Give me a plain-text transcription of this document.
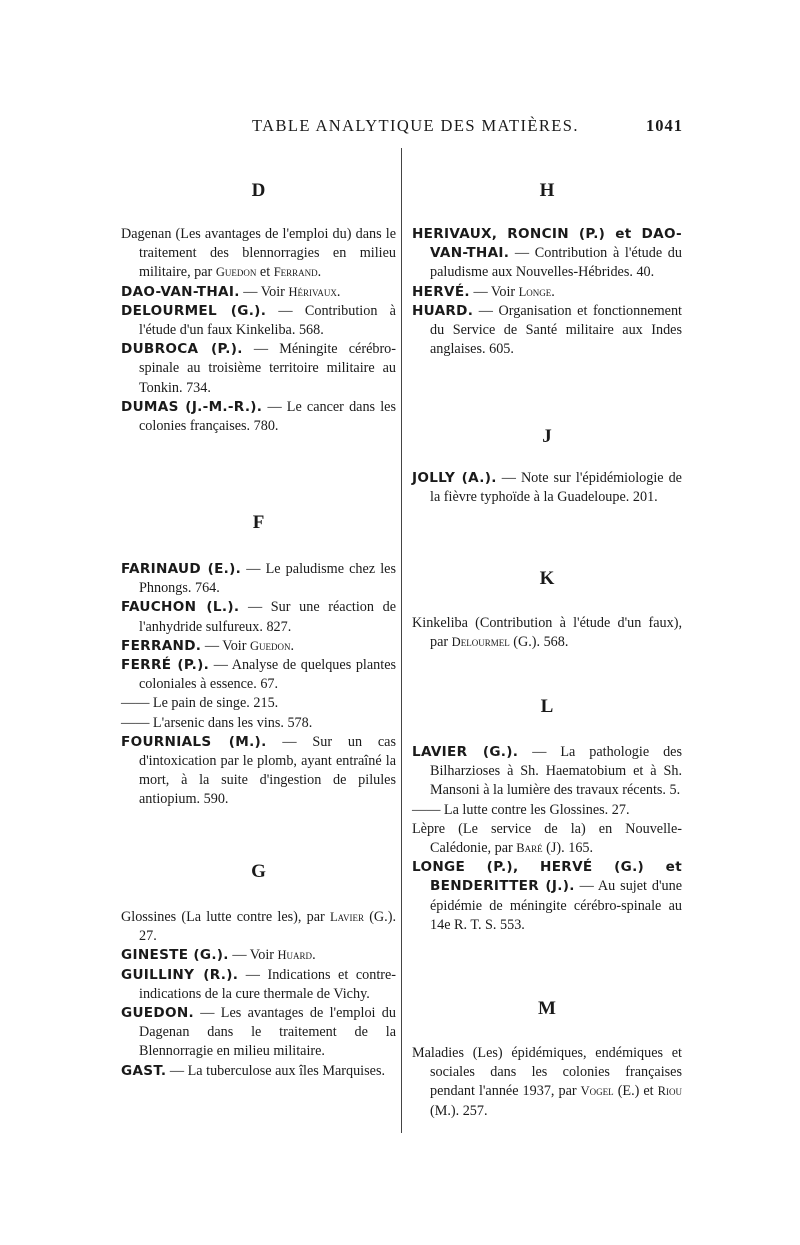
TABLE ANALYTIQUE DES MATIÈRES.	1041
D

Dagenan (Les avantages de l'emploi du) dans le traitement des blennorragies en milieu militaire, par Guedon et Ferrand.

DAO-VAN-THAI. — Voir Hérivaux.

DELOURMEL (G.). — Contribution à l'étude d'un faux Kinkeliba. 568.

DUBROCA (P.). — Méningite cérébro-spinale au troisième territoire militaire au Tonkin. 734.

DUMAS (J.-M.-R.). — Le cancer dans les colonies françaises. 780.

F

FARINAUD (E.). — Le paludisme chez les Phnongs. 764.

FAUCHON (L.). — Sur une réaction de l'anhydride sulfureux. 827.

FERRAND. — Voir Guedon.

FERRÉ (P.). — Analyse de quelques plantes coloniales à essence. 67.

—— Le pain de singe. 215.

—— L'arsenic dans les vins. 578.

FOURNIALS (M.). — Sur un cas d'intoxication par le plomb, ayant entraîné la mort, à la suite d'ingestion de pilules antiopium. 590.

G

Glossines (La lutte contre les), par Lavier (G.). 27.

GINESTE (G.). — Voir Huard.

GUILLINY (R.). — Indications et contre-indications de la cure thermale de Vichy.

GUEDON. — Les avantages de l'emploi du Dagenan dans le traitement de la Blennorragie en milieu militaire.

GAST. — La tuberculose aux îles Marquises.

H

HERIVAUX, RONCIN (P.) et DAO-VAN-THAI. — Contribution à l'étude du paludisme aux Nouvelles-Hébrides. 40.

HERVÉ. — Voir Longe.

HUARD. — Organisation et fonctionnement du Service de Santé militaire aux Indes anglaises. 605.

J

JOLLY (A.). — Note sur l'épidémiologie de la fièvre typhoïde à la Guadeloupe. 201.

K

Kinkeliba (Contribution à l'étude d'un faux), par Delourmel (G.). 568.

L

LAVIER (G.). — La pathologie des Bilharzioses à Sh. Haematobium et à Sh. Mansoni à la lumière des travaux récents. 5.

—— La lutte contre les Glossines. 27.

Lèpre (Le service de la) en Nouvelle-Calédonie, par Baré (J). 165.

LONGE (P.), HERVÉ (G.) et BENDERITTER (J.). — Au sujet d'une épidémie de méningite cérébro-spinale au 14e R. T. S. 553.

M

Maladies (Les) épidémiques, endémiques et sociales dans les colonies françaises pendant l'année 1937, par Vogel (E.) et Riou (M.). 257.
